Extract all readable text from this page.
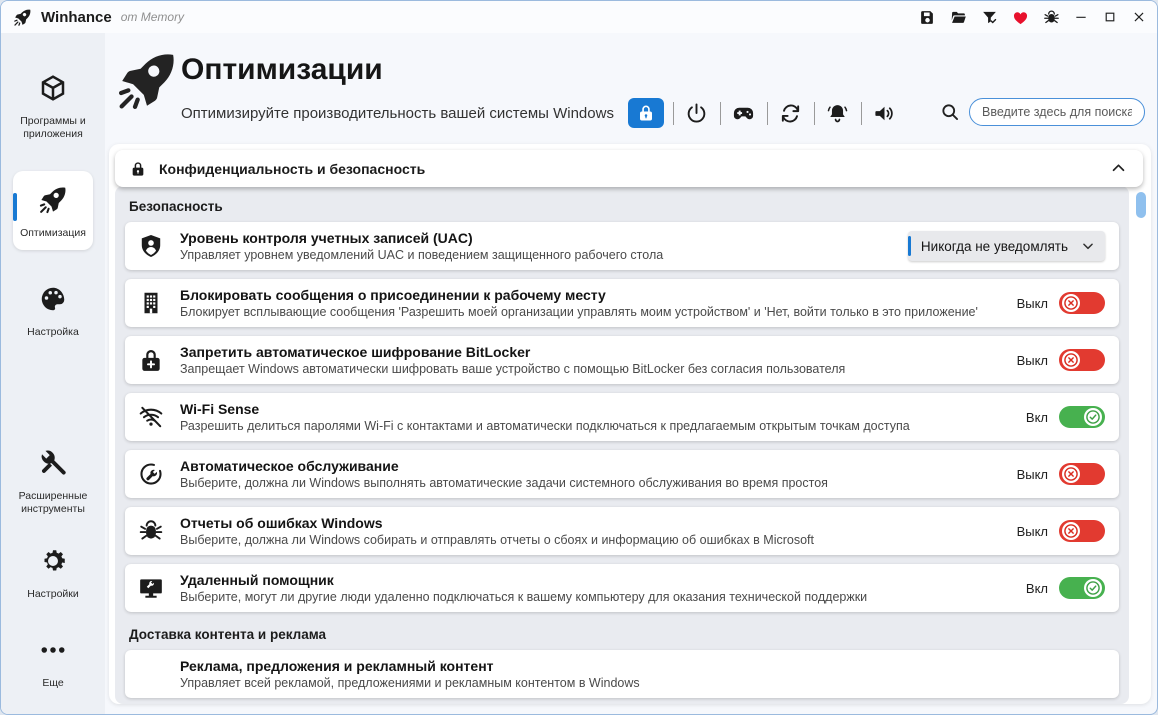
Winhance om Memory
Программы и приложения
Оптимизация
Настройка
Расширенные инструменты
Настройки
Еще
Оптимизации
Оптимизируйте производительность вашей системы Windows
Введите здесь для поиска...
Конфиденциальность и безопасность
Безопасность
Уровень контроля учетных записей (UAC)
Управляет уровнем уведомлений UAC и поведением защищенного рабочего стола
Никогда не уведомлять
Блокировать сообщения о присоединении к рабочему месту
Блокирует всплывающие сообщения 'Разрешить моей организации управлять моим устройством' и 'Нет, войти только в это приложение'
Выкл
Запретить автоматическое шифрование BitLocker
Запрещает Windows автоматически шифровать ваше устройство с помощью BitLocker без согласия пользователя
Выкл
Wi-Fi Sense
Разрешить делиться паролями Wi-Fi с контактами и автоматически подключаться к предлагаемым открытым точкам доступа
Вкл
Автоматическое обслуживание
Выберите, должна ли Windows выполнять автоматические задачи системного обслуживания во время простоя
Выкл
Отчеты об ошибках Windows
Выберите, должна ли Windows собирать и отправлять отчеты о сбоях и информацию об ошибках в Microsoft
Выкл
Удаленный помощник
Выберите, могут ли другие люди удаленно подключаться к вашему компьютеру для оказания технической поддержки
Вкл
Доставка контента и реклама
Реклама, предложения и рекламный контент
Управляет всей рекламой, предложениями и рекламным контентом в Windows
